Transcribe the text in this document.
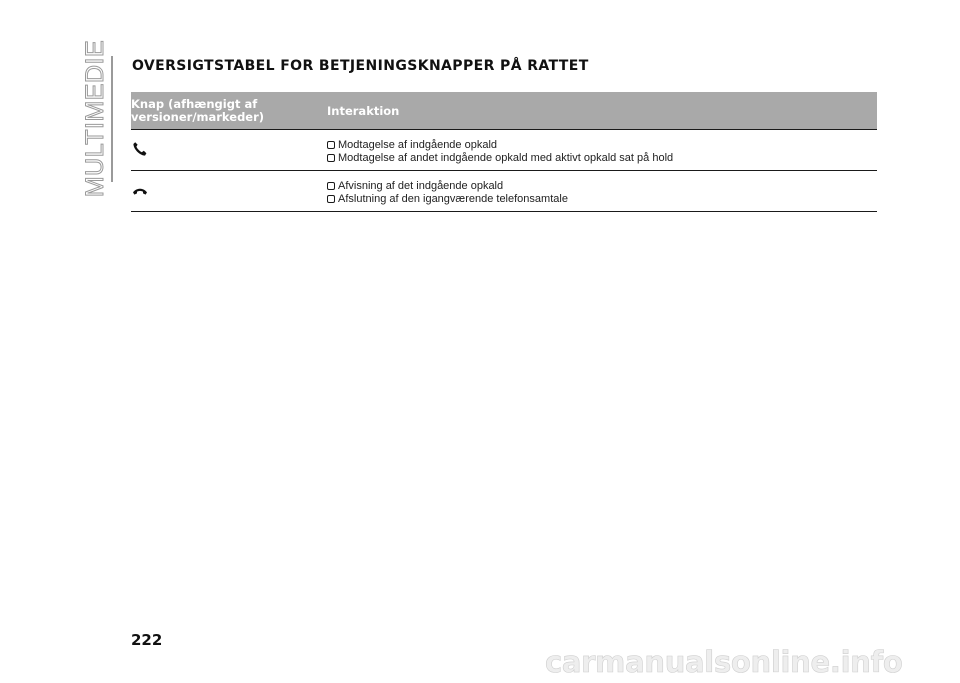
MULTIMEDIE OVERSIGTSTABEL FOR BETJENINGSKNAPPER PÅ RATTET
Knap (afhængigt af versioner/markeder)	Interaktion
Modtagelse af indgående opkald
Modtagelse af andet indgående opkald med aktivt opkald sat på hold
Afvisning af det indgående opkald
Afslutning af den igangværende telefonsamtale
222
carmanualsonline.info
